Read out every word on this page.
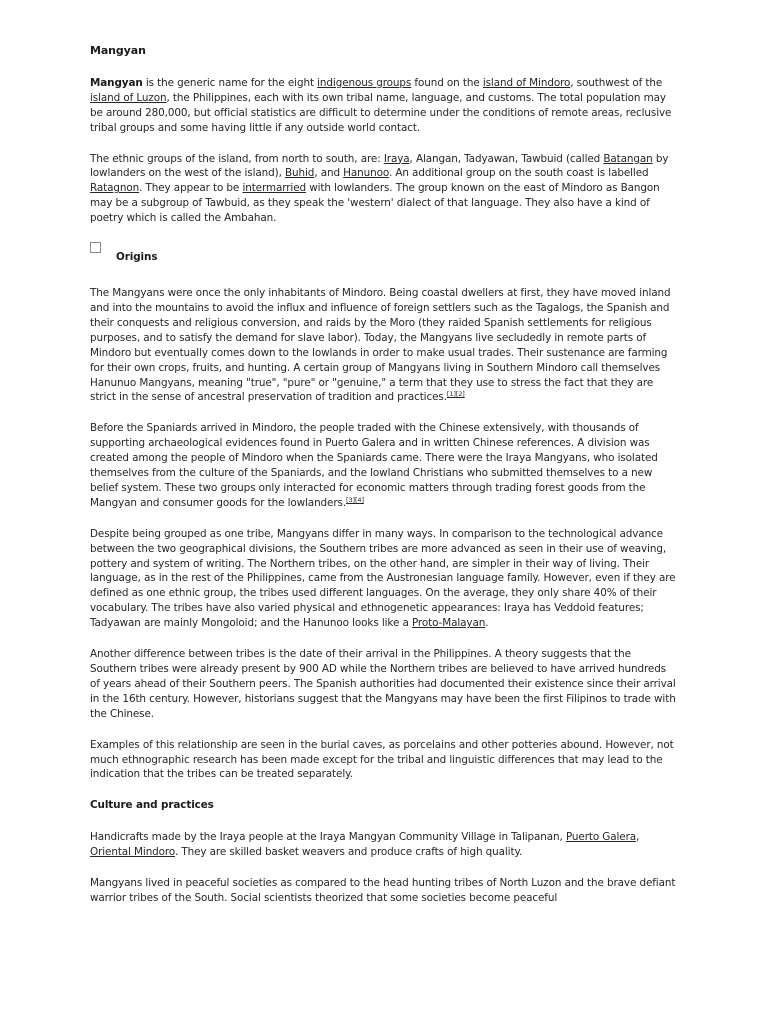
Mangyan

Mangyan is the generic name for the eight indigenous groups found on the island of Mindoro, southwest of the island of Luzon, the Philippines, each with its own tribal name, language, and customs. The total population may be around 280,000, but official statistics are difficult to determine under the conditions of remote areas, reclusive tribal groups and some having little if any outside world contact.

The ethnic groups of the island, from north to south, are: Iraya, Alangan, Tadyawan, Tawbuid (called Batangan by lowlanders on the west of the island), Buhid, and Hanunoo. An additional group on the south coast is labelled Ratagnon. They appear to be intermarried with lowlanders. The group known on the east of Mindoro as Bangon may be a subgroup of Tawbuid, as they speak the 'western' dialect of that language. They also have a kind of poetry which is called the Ambahan.

Origins

The Mangyans were once the only inhabitants of Mindoro. Being coastal dwellers at first, they have moved inland and into the mountains to avoid the influx and influence of foreign settlers such as the Tagalogs, the Spanish and their conquests and religious conversion, and raids by the Moro (they raided Spanish settlements for religious purposes, and to satisfy the demand for slave labor). Today, the Mangyans live secludedly in remote parts of Mindoro but eventually comes down to the lowlands in order to make usual trades. Their sustenance are farming for their own crops, fruits, and hunting. A certain group of Mangyans living in Southern Mindoro call themselves Hanunuo Mangyans, meaning "true", "pure" or "genuine," a term that they use to stress the fact that they are strict in the sense of ancestral preservation of tradition and practices.[1][2]

Before the Spaniards arrived in Mindoro, the people traded with the Chinese extensively, with thousands of supporting archaeological evidences found in Puerto Galera and in written Chinese references. A division was created among the people of Mindoro when the Spaniards came. There were the Iraya Mangyans, who isolated themselves from the culture of the Spaniards, and the lowland Christians who submitted themselves to a new belief system. These two groups only interacted for economic matters through trading forest goods from the Mangyan and consumer goods for the lowlanders.[3][4]

Despite being grouped as one tribe, Mangyans differ in many ways. In comparison to the technological advance between the two geographical divisions, the Southern tribes are more advanced as seen in their use of weaving, pottery and system of writing. The Northern tribes, on the other hand, are simpler in their way of living. Their language, as in the rest of the Philippines, came from the Austronesian language family. However, even if they are defined as one ethnic group, the tribes used different languages. On the average, they only share 40% of their vocabulary. The tribes have also varied physical and ethnogenetic appearances: Iraya has Veddoid features; Tadyawan are mainly Mongoloid; and the Hanunoo looks like a Proto-Malayan.

Another difference between tribes is the date of their arrival in the Philippines. A theory suggests that the Southern tribes were already present by 900 AD while the Northern tribes are believed to have arrived hundreds of years ahead of their Southern peers. The Spanish authorities had documented their existence since their arrival in the 16th century. However, historians suggest that the Mangyans may have been the first Filipinos to trade with the Chinese.

Examples of this relationship are seen in the burial caves, as porcelains and other potteries abound. However, not much ethnographic research has been made except for the tribal and linguistic differences that may lead to the indication that the tribes can be treated separately.

Culture and practices

Handicrafts made by the Iraya people at the Iraya Mangyan Community Village in Talipanan, Puerto Galera, Oriental Mindoro. They are skilled basket weavers and produce crafts of high quality.

Mangyans lived in peaceful societies as compared to the head hunting tribes of North Luzon and the brave defiant warrior tribes of the South. Social scientists theorized that some societies become peaceful
